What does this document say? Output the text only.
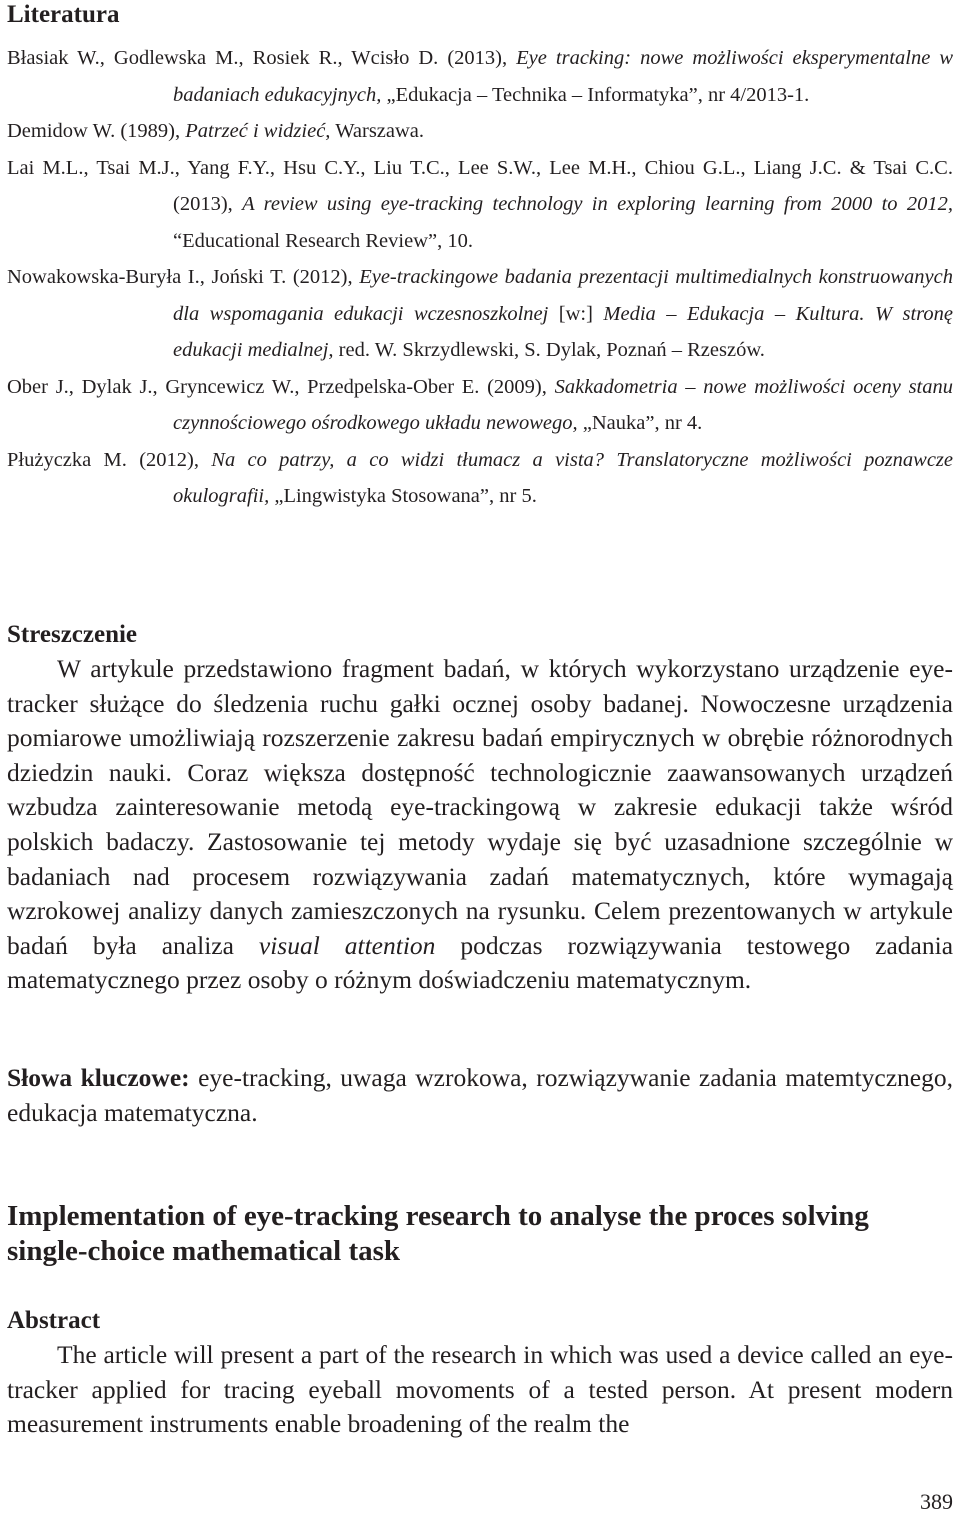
Literatura

Błasiak W., Godlewska M., Rosiek R., Wcisło D. (2013), Eye tracking: nowe możliwości eksperymentalne w badaniach edukacyjnych, „Edukacja – Technika – Informatyka”, nr 4/2013-1.

Demidow W. (1989), Patrzeć i widzieć, Warszawa.

Lai M.L., Tsai M.J., Yang F.Y., Hsu C.Y., Liu T.C., Lee S.W., Lee M.H., Chiou G.L., Liang J.C. & Tsai C.C. (2013), A review using eye-tracking technology in exploring learning from 2000 to 2012, “Educational Research Review”, 10.

Nowakowska-Buryła I., Joński T. (2012), Eye-trackingowe badania prezentacji multimedialnych konstruowanych dla wspomagania edukacji wczesnoszkolnej [w:] Media – Edukacja – Kultura. W stronę edukacji medialnej, red. W. Skrzydlewski, S. Dylak, Poznań – Rzeszów.

Ober J., Dylak J., Gryncewicz W., Przedpelska-Ober E. (2009), Sakkadometria – nowe możliwości oceny stanu czynnościowego ośrodkowego układu newowego, „Nauka”, nr 4.

Płużyczka M. (2012), Na co patrzy, a co widzi tłumacz a vista? Translatoryczne możliwości poznawcze okulografii, „Lingwistyka Stosowana”, nr 5.

Streszczenie

W artykule przedstawiono fragment badań, w których wykorzystano urządzenie eye-tracker służące do śledzenia ruchu gałki ocznej osoby badanej. Nowoczesne urządzenia pomiarowe umożliwiają rozszerzenie zakresu badań empirycznych w obrębie różnorodnych dziedzin nauki. Coraz większa dostępność technologicznie zaawansowanych urządzeń wzbudza zainteresowanie metodą eye-trackingową w zakresie edukacji także wśród polskich badaczy. Zastosowanie tej metody wydaje się być uzasadnione szczególnie w badaniach nad procesem rozwiązywania zadań matematycznych, które wymagają wzrokowej analizy danych zamieszczonych na rysunku. Celem prezentowanych w artykule badań była analiza visual attention podczas rozwiązywania testowego zadania matematycznego przez osoby o różnym doświadczeniu matematycznym.

Słowa kluczowe: eye-tracking, uwaga wzrokowa, rozwiązywanie zadania matemtycznego, edukacja matematyczna.

Implementation of eye-tracking research to analyse the proces solving single-choice mathematical task
Abstract

The article will present a part of the research in which was used a device called an eye-tracker applied for tracing eyeball movoments of a tested person. At present modern measurement instruments enable broadening of the realm the

389
